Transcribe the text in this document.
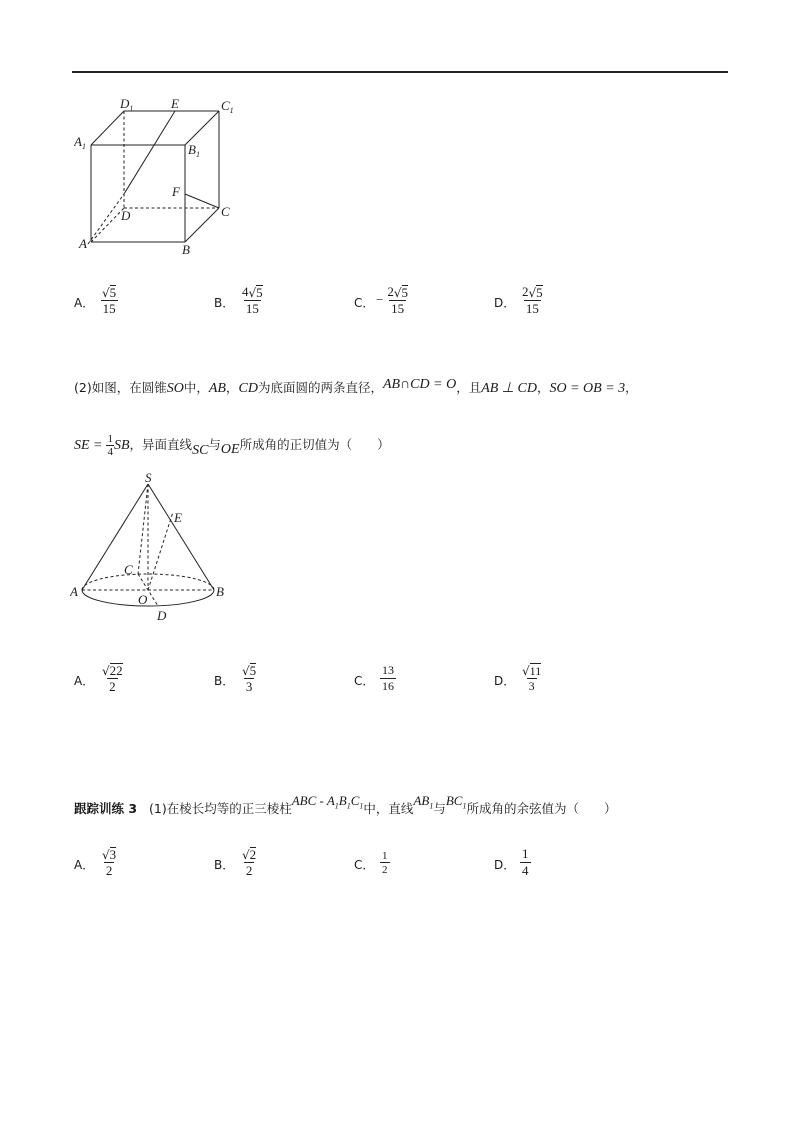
$D_1$	E	$C_1$
$A_1$	$B_1$
F
D	C
A	B
A． $\frac{√ 5}{15}$	B． $\frac{4 √ 5}{15}$	C． − $\frac{2 √ 5}{15}$	D． $\frac{2 √ 5}{15}$
(2)如图，在圆锥SO中，AB，CD为底面圆的两条直径，AB∩CD = O，且AB ⊥ CD，SO = OB = 3，
SE = $\frac{1}{4}$ SB，异面直线SC与OE所成角的正切值为（　　）
S
E
C
A
O
B
D
A． $\frac{√ 22}{2}$	B． $\frac{√ 5}{3}$	C． $\frac{13}{16}$	D． $\frac{√ 11}{3}$
跟踪训练 3 (1)在棱长均等的正三棱柱ABC - $A_1B_1C_1$中，直线$AB_1$与$BC_1$所成角的余弦值为（　　）
A． $\frac{√ 3}{2}$	B． $\frac{√ 2}{2}$	C． $\frac{1}{2}$	D． $\frac{1}{4}$
